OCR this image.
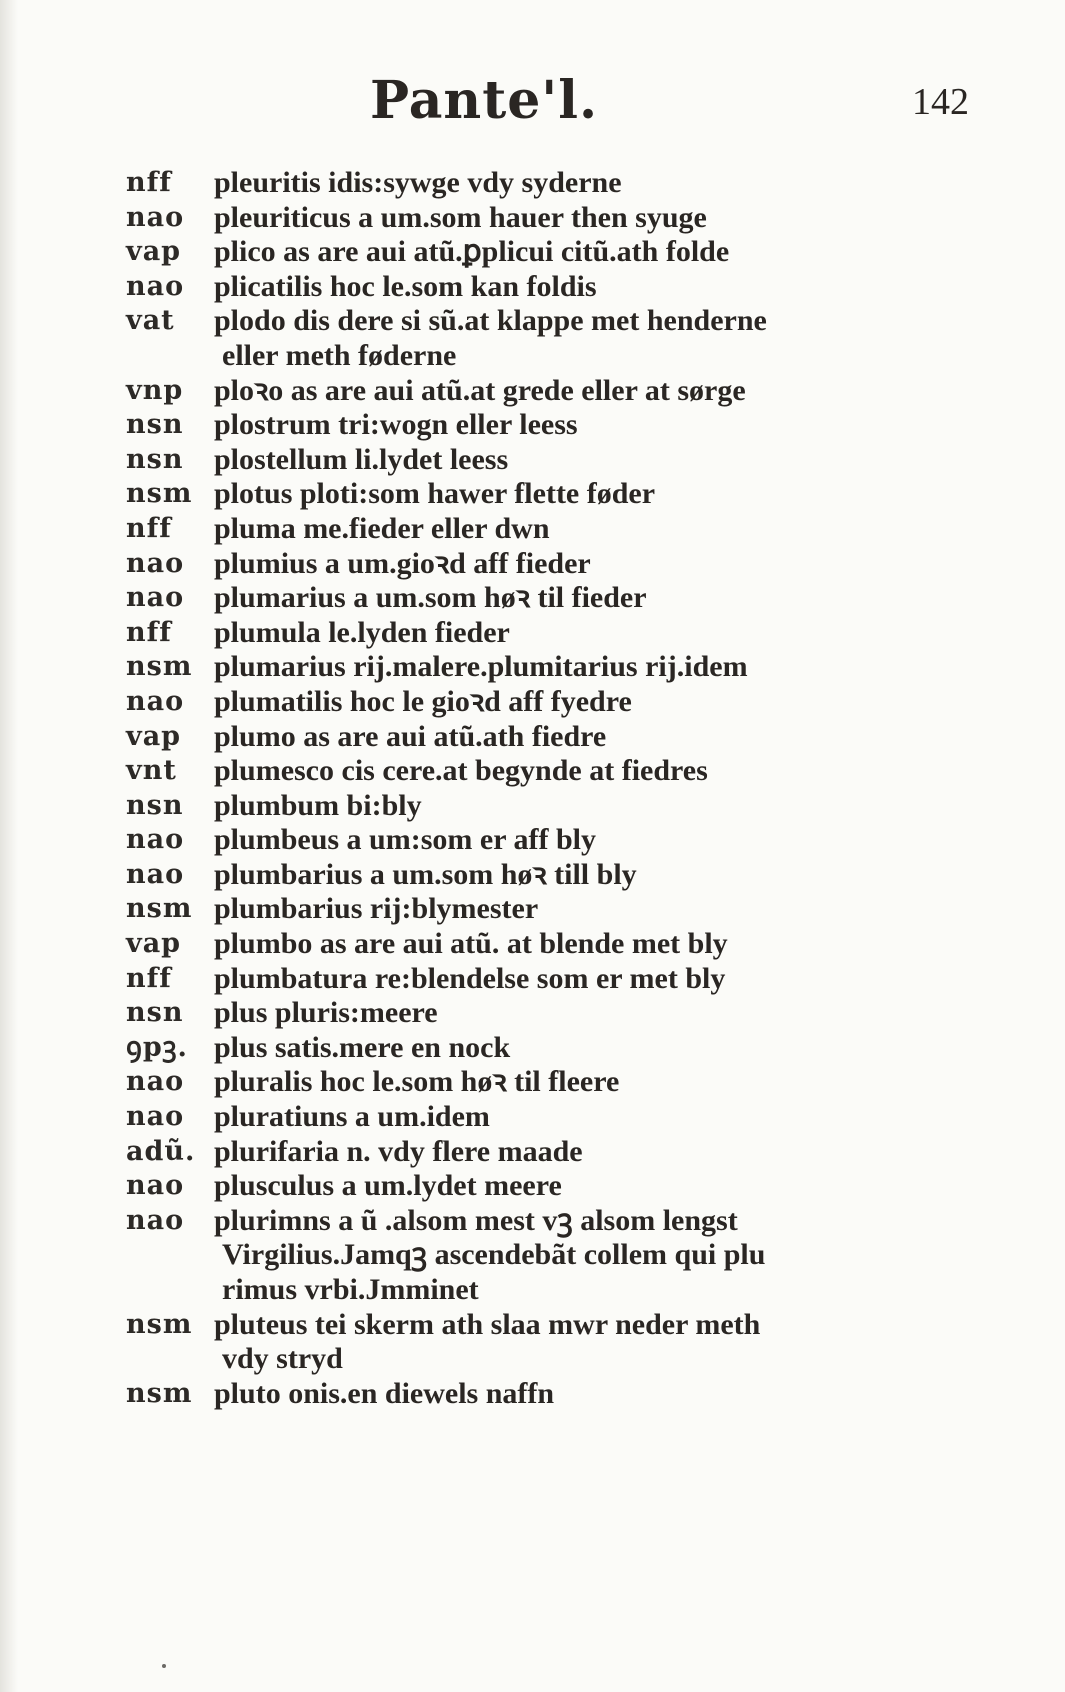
Pante'l.	142
nff	pleuritis idis:sywge vdy syderne
nao pleuriticus a um.som hauer then syuge
vap	plico as are aui atũ.ꝑplicui citũ.ath folde
nao plicatilis hoc le.som kan foldis
vat	plodo dis dere si sũ.at klappe met henderne
eller meth føderne
vnp	ploꝛo as are aui atũ.at grede eller at sørge
nsn	plostrum tri:wogn eller leess
nsn	plostellum li.lydet leess
nsm plotus ploti:som hawer flette føder
nff	pluma me.fieder eller dwn
nao plumius a um.gioꝛd aff fieder
nao plumarius a um.som høꝛ til fieder
nff	plumula le.lyden fieder
nsm plumarius rij.malere.plumitarius rij.idem
nao plumatilis hoc le gioꝛd aff fyedre
vap	plumo as are aui atũ.ath fiedre
vnt	plumesco cis cere.at begynde at fiedres
nsn	plumbum bi:bly
nao plumbeus a um:som er aff bly
nao plumbarius a um.som høꝛ till bly
nsm plumbarius rij:blymester
vap	plumbo as are aui atũ. at blende met bly
nff	plumbatura re:blendelse som er met bly
nsn	plus pluris:meere
ꝯpꝫ. plus satis.mere en nock
nao pluralis hoc le.som høꝛ til fleere
nao pluratiuns a um.idem
adũ. plurifaria n. vdy flere maade
nao plusculus a um.lydet meere
nao plurimns a ũ .alsom mest vꝫ alsom lengst
Virgilius.Jamqꝫ ascendebãt collem qui plu
rimus vrbi.Jmminet
nsm pluteus tei skerm ath slaa mwr neder meth
vdy stryd
nsm pluto onis.en diewels naffn
